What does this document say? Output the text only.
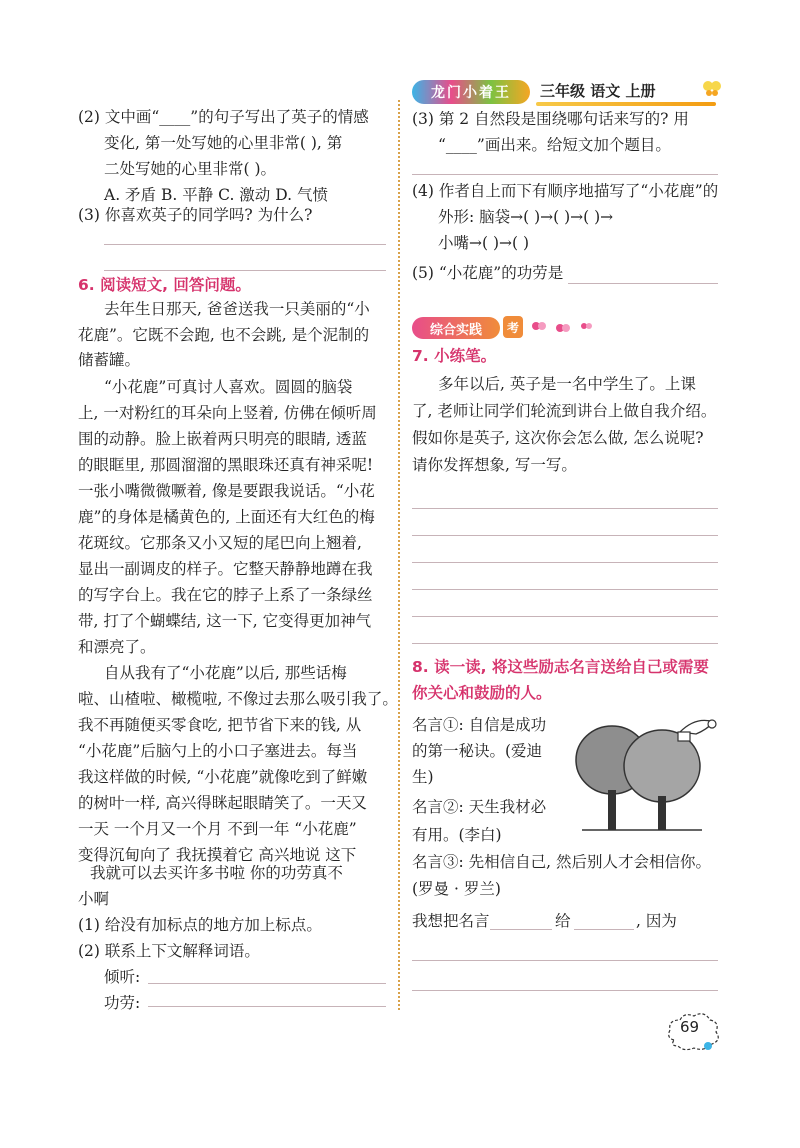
龙门小着王	三年级 语文 上册
(2) 文中画“____”的句子写出了英子的情感
变化, 第一处写她的心里非常( ), 第
二处写她的心里非常( )。
A. 矛盾 B. 平静 C. 激动 D. 气愤
(3) 你喜欢英子的同学吗? 为什么?
6. 阅读短文, 回答问题。
去年生日那天, 爸爸送我一只美丽的“小
花鹿”。它既不会跑, 也不会跳, 是个泥制的
储蓄罐。
“小花鹿”可真讨人喜欢。圆圆的脑袋
上, 一对粉红的耳朵向上竖着, 仿佛在倾听周
围的动静。脸上嵌着两只明亮的眼睛, 透蓝
的眼眶里, 那圆溜溜的黑眼珠还真有神采呢!
一张小嘴微微噘着, 像是要跟我说话。“小花
鹿”的身体是橘黄色的, 上面还有大红色的梅
花斑纹。它那条又小又短的尾巴向上翘着,
显出一副调皮的样子。它整天静静地蹲在我
的写字台上。我在它的脖子上系了一条绿丝
带, 打了个蝴蝶结, 这一下, 它变得更加神气
和漂亮了。
自从我有了“小花鹿”以后, 那些话梅
啦、山楂啦、橄榄啦, 不像过去那么吸引我了。
我不再随便买零食吃, 把节省下来的钱, 从
“小花鹿”后脑勺上的小口子塞进去。每当
我这样做的时候, “小花鹿”就像吃到了鲜嫩
的树叶一样, 高兴得眯起眼睛笑了。一天又
一天 一个月又一个月 不到一年 “小花鹿”
变得沉甸向了 我抚摸着它 高兴地说 这下
我就可以去买许多书啦 你的功劳真不
小啊
(1) 给没有加标点的地方加上标点。
(2) 联系上下文解释词语。
倾听:
功劳:
(3) 第 2 自然段是围绕哪句话来写的? 用
“____”画出来。给短文加个题目。
(4) 作者自上而下有顺序地描写了“小花鹿”的
外形: 脑袋→( )→( )→( )→
小嘴→( )→( )
(5) “小花鹿”的功劳是
综合实践	考
7. 小练笔。
多年以后, 英子是一名中学生了。上课
了, 老师让同学们轮流到讲台上做自我介绍。
假如你是英子, 这次你会怎么做, 怎么说呢?
请你发挥想象, 写一写。
8. 读一读, 将这些励志名言送给自己或需要
你关心和鼓励的人。
名言①: 自信是成功
的第一秘诀。(爱迪
生)
名言②: 天生我材必
有用。(李白)
名言③: 先相信自己, 然后别人才会相信你。
(罗曼 · 罗兰)
我想把名言	给	, 因为
69
